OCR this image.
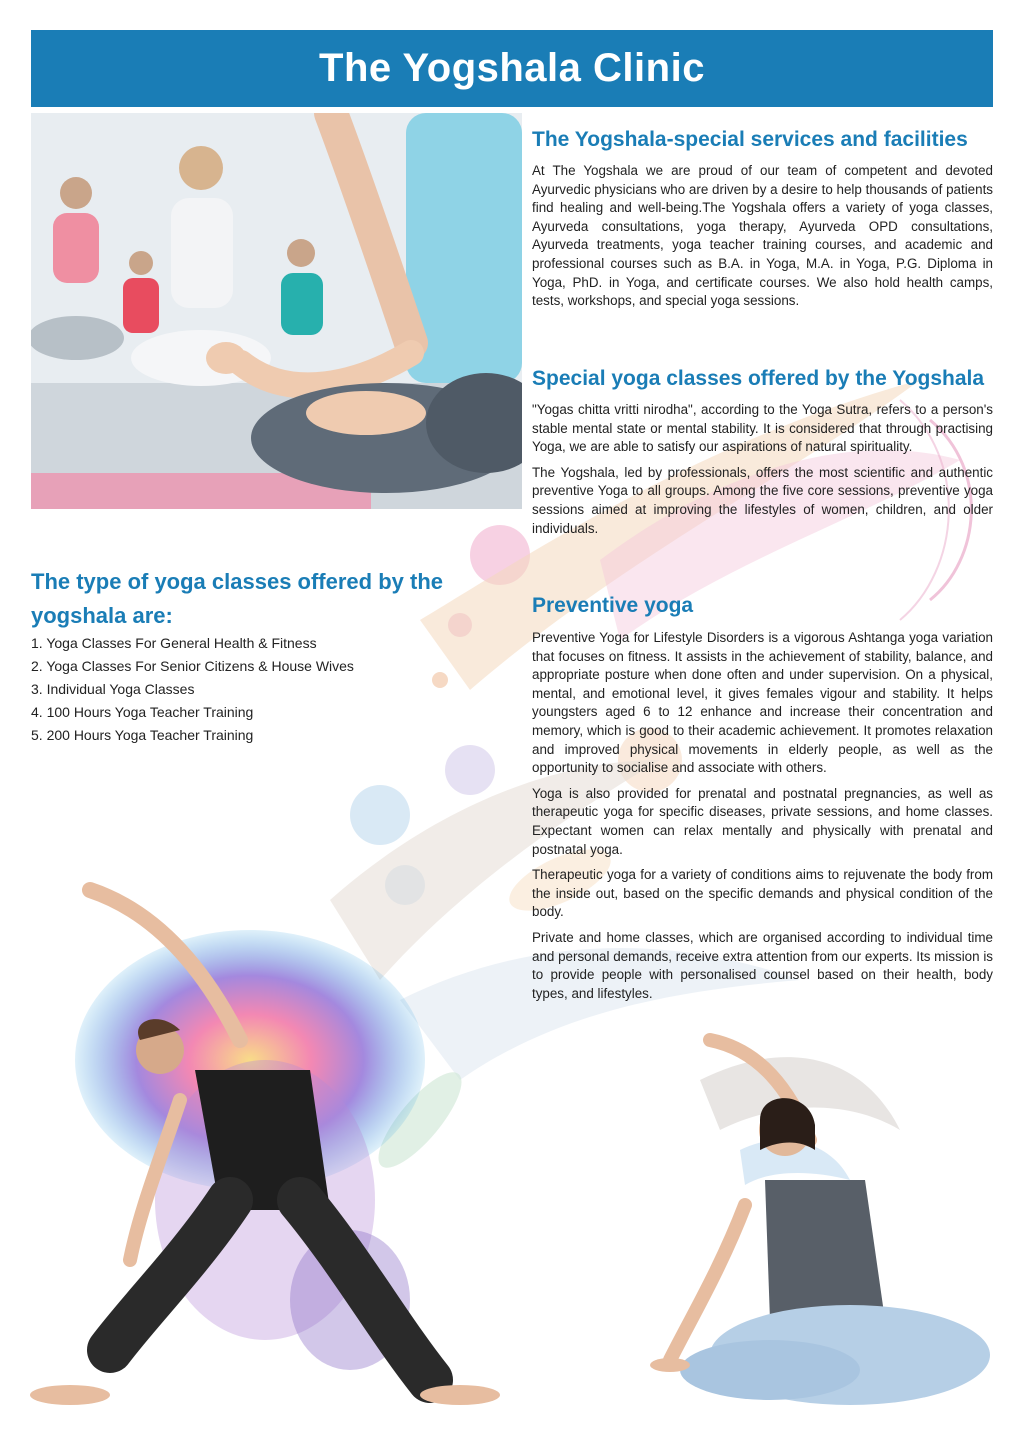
The Yogshala Clinic
The Yogshala-special services and facilities

At The Yogshala we are proud of our team of competent and devoted Ayurvedic physicians who are driven by a desire to help thousands of patients find healing and well-being.The Yogshala offers a variety of yoga classes, Ayurveda consultations, yoga therapy, Ayurveda OPD consultations, Ayurveda treatments, yoga teacher training courses, and academic and professional courses such as B.A. in Yoga, M.A. in Yoga, P.G. Diploma in Yoga, PhD. in Yoga, and certificate courses. We also hold health camps, tests, workshops, and special yoga sessions.

Special yoga classes offered by the Yogshala

"Yogas chitta vritti nirodha", according to the Yoga Sutra, refers to a person's stable mental state or mental stability. It is considered that through practising Yoga, we are able to satisfy our aspirations of natural spirituality.

The Yogshala, led by professionals, offers the most scientific and authentic preventive Yoga to all groups. Among the five core sessions, preventive yoga sessions aimed at improving the lifestyles of women, children, and older individuals.

The type of yoga classes offered by the yogshala are:
1. Yoga Classes For General Health & Fitness
2. Yoga Classes For Senior Citizens & House Wives
3. Individual Yoga Classes
4. 100 Hours Yoga Teacher Training
5. 200 Hours Yoga Teacher Training
Preventive yoga

Preventive Yoga for Lifestyle Disorders is a vigorous Ashtanga yoga variation that focuses on fitness. It assists in the achievement of stability, balance, and appropriate posture when done often and under supervision. On a physical, mental, and emotional level, it gives females vigour and stability. It helps youngsters aged 6 to 12 enhance and increase their concentration and memory, which is good to their academic achievement. It promotes relaxation and improved physical movements in elderly people, as well as the opportunity to socialise and associate with others.

Yoga is also provided for prenatal and postnatal pregnancies, as well as therapeutic yoga for specific diseases, private sessions, and home classes. Expectant women can relax mentally and physically with prenatal and postnatal yoga.

Therapeutic yoga for a variety of conditions aims to rejuvenate the body from the inside out, based on the specific demands and physical condition of the body.

Private and home classes, which are organised according to individual time and personal demands, receive extra attention from our experts. Its mission is to provide people with personalised counsel based on their health, body types, and lifestyles.
